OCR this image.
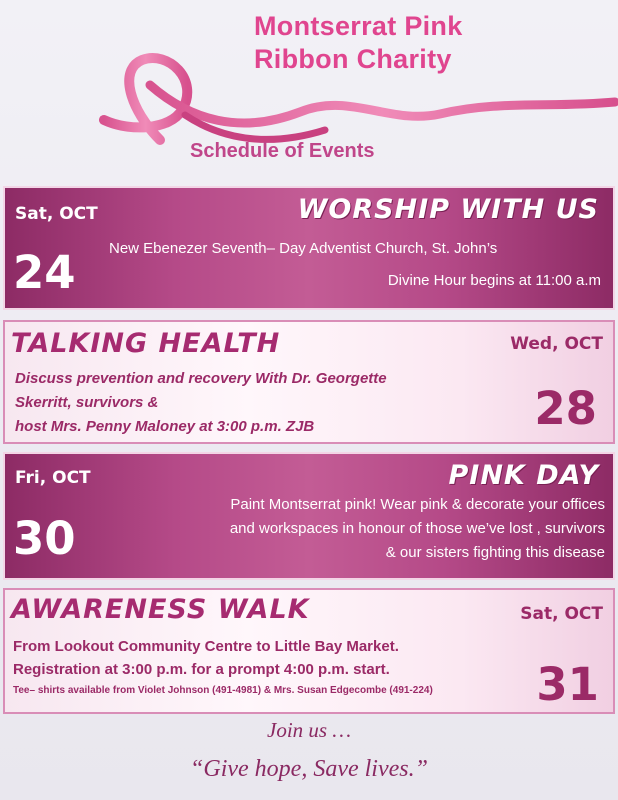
Montserrat Pink
Ribbon Charity
Schedule of Events
WORSHIP WITH US
Sat, OCT
24 New Ebenezer Seventh– Day Adventist Church, St. John’s
Divine Hour begins at 11:00 a.m
TALKING HEALTH	Wed, OCT
28
Discuss prevention and recovery With Dr. Georgette
Skerritt, survivors &
host Mrs. Penny Maloney at 3:00 p.m. ZJB
PINK DAY
Fri, OCT
30
Paint Montserrat pink! Wear pink & decorate your offices
and workspaces in honour of those we’ve lost , survivors
& our sisters fighting this disease
AWARENESS WALK	Sat, OCT
31
From Lookout Community Centre to Little Bay Market.
Registration at 3:00 p.m. for a prompt 4:00 p.m. start.
Tee– shirts available from Violet Johnson (491-4981) & Mrs. Susan Edgecombe (491-224)
Join us …
“Give hope, Save lives.”
